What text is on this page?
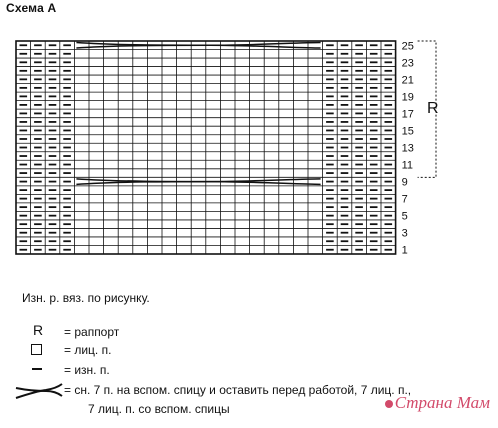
Схема А
25
23
21
19
17
15
13
11
9
7
5
3
1
R
Изн. р. вяз. по рисунку.
R = раппорт
= лиц. п.
= изн. п.
= сн. 7 п. на вспом. спицу и оставить перед работой, 7 лиц. п.,
7 лиц. п. со вспом. спицы	Страна Мам
